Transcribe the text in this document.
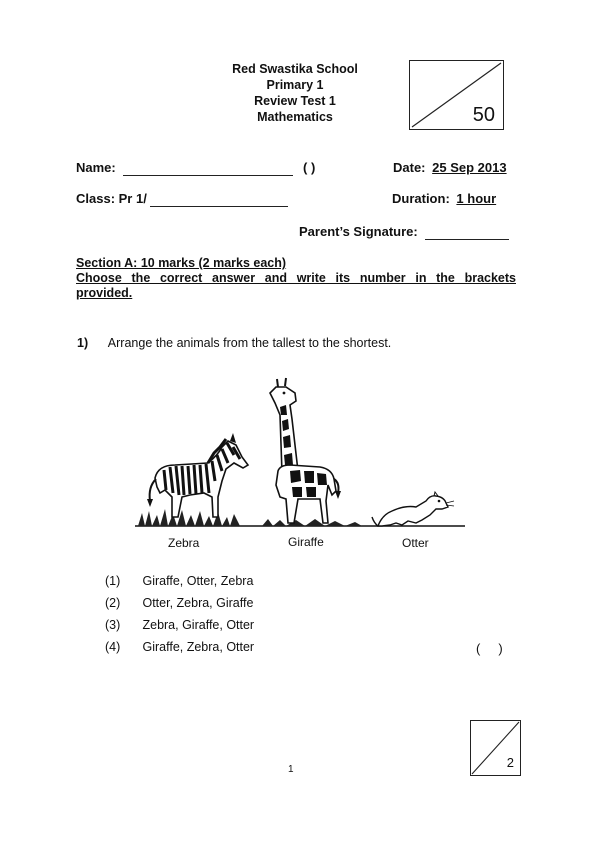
Red Swastika School
Primary 1
Review Test 1
Mathematics	50
Name:	( )	Date: 25 Sep 2013
Class: Pr 1/	Duration: 1 hour
Parent’s Signature:
Section A: 10 marks (2 marks each)
Choose the correct answer and write its number in the brackets
provided.
1) Arrange the animals from the tallest to the shortest.
Zebra	Giraffe	Otter
(1) Giraffe, Otter, Zebra
(2) Otter, Zebra, Giraffe
(3) Zebra, Giraffe, Otter
(4) Giraffe, Zebra, Otter	(     )
2
1
